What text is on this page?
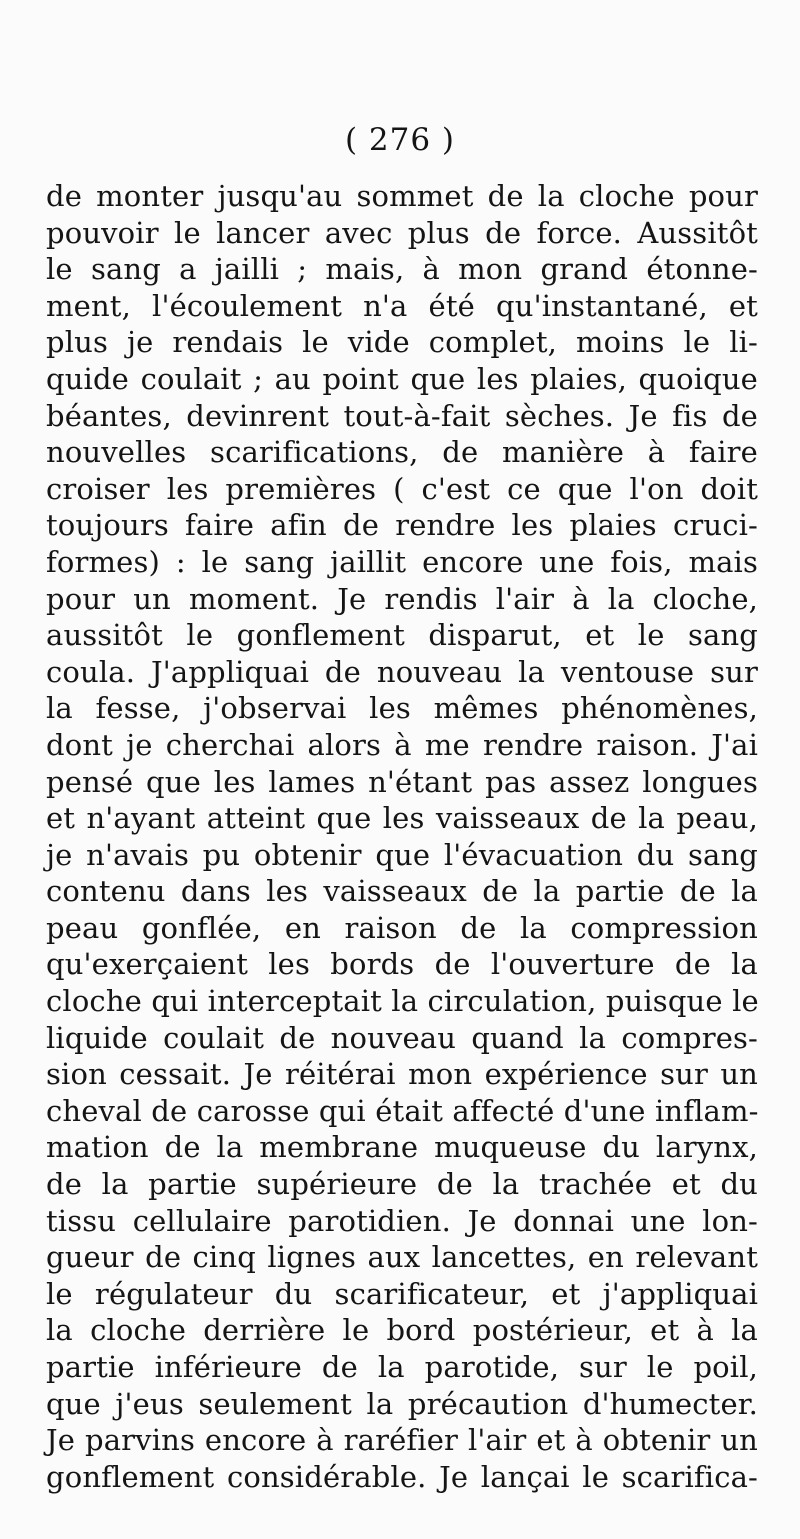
( 276 )
de monter jusqu'au sommet de la cloche pour
pouvoir le lancer avec plus de force. Aussitôt
le sang a jailli ; mais, à mon grand étonne-
ment, l'écoulement n'a été qu'instantané, et
plus je rendais le vide complet, moins le li-
quide coulait ; au point que les plaies, quoique
béantes, devinrent tout-à-fait sèches. Je fis de
nouvelles scarifications, de manière à faire
croiser les premières ( c'est ce que l'on doit
toujours faire afin de rendre les plaies cruci-
formes) : le sang jaillit encore une fois, mais
pour un moment. Je rendis l'air à la cloche,
aussitôt le gonflement disparut, et le sang
coula. J'appliquai de nouveau la ventouse sur
la fesse, j'observai les mêmes phénomènes,
dont je cherchai alors à me rendre raison. J'ai
pensé que les lames n'étant pas assez longues
et n'ayant atteint que les vaisseaux de la peau,
je n'avais pu obtenir que l'évacuation du sang
contenu dans les vaisseaux de la partie de la
peau gonflée, en raison de la compression
qu'exerçaient les bords de l'ouverture de la
cloche qui interceptait la circulation, puisque le
liquide coulait de nouveau quand la compres-
sion cessait. Je réitérai mon expérience sur un
cheval de carosse qui était affecté d'une inflam-
mation de la membrane muqueuse du larynx,
de la partie supérieure de la trachée et du
tissu cellulaire parotidien. Je donnai une lon-
gueur de cinq lignes aux lancettes, en relevant
le régulateur du scarificateur, et j'appliquai
la cloche derrière le bord postérieur, et à la
partie inférieure de la parotide, sur le poil,
que j'eus seulement la précaution d'humecter.
Je parvins encore à raréfier l'air et à obtenir un
gonflement considérable. Je lançai le scarifica-
